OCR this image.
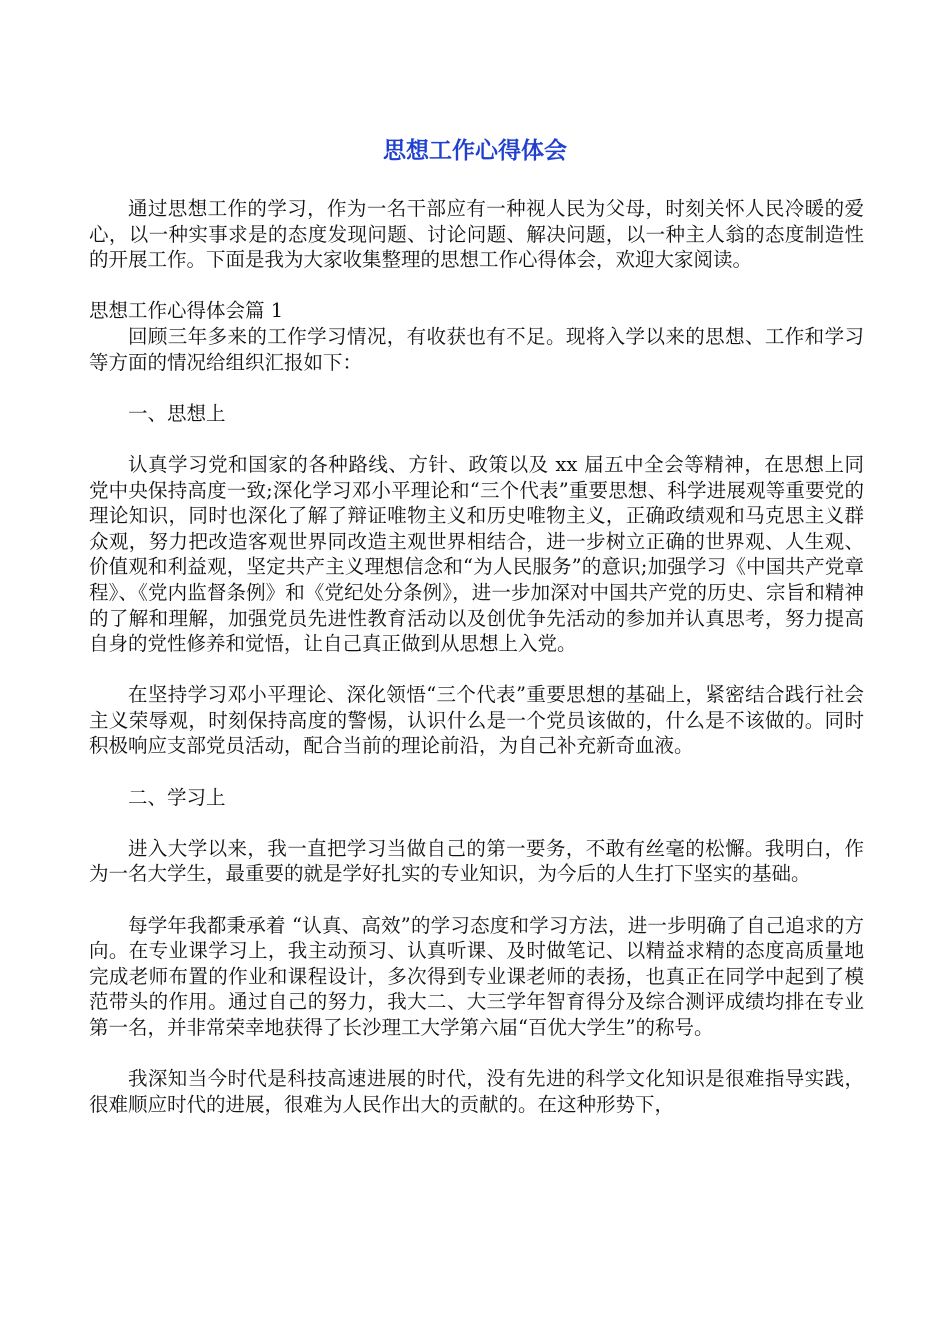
思想工作心得体会

通过思想工作的学习，作为一名干部应有一种视人民为父母，时刻关怀人民冷暖的爱心，以一种实事求是的态度发现问题、讨论问题、解决问题，以一种主人翁的态度制造性的开展工作。下面是我为大家收集整理的思想工作心得体会，欢迎大家阅读。

思想工作心得体会篇 1

回顾三年多来的工作学习情况，有收获也有不足。现将入学以来的思想、工作和学习等方面的情况给组织汇报如下：

一、思想上

认真学习党和国家的各种路线、方针、政策以及 xx 届五中全会等精神，在思想上同党中央保持高度一致;深化学习邓小平理论和“三个代表”重要思想、科学进展观等重要党的理论知识，同时也深化了解了辩证唯物主义和历史唯物主义，正确政绩观和马克思主义群众观，努力把改造客观世界同改造主观世界相结合，进一步树立正确的世界观、人生观、价值观和利益观，坚定共产主义理想信念和“为人民服务”的意识;加强学习《中国共产党章程》、《党内监督条例》和《党纪处分条例》，进一步加深对中国共产党的历史、宗旨和精神的了解和理解，加强党员先进性教育活动以及创优争先活动的参加并认真思考，努力提高自身的党性修养和觉悟，让自己真正做到从思想上入党。

在坚持学习邓小平理论、深化领悟“三个代表”重要思想的基础上，紧密结合践行社会主义荣辱观，时刻保持高度的警惕，认识什么是一个党员该做的，什么是不该做的。同时积极响应支部党员活动，配合当前的理论前沿，为自己补充新奇血液。

二、学习上

进入大学以来，我一直把学习当做自己的第一要务，不敢有丝毫的松懈。我明白，作为一名大学生，最重要的就是学好扎实的专业知识，为今后的人生打下坚实的基础。

每学年我都秉承着 “认真、高效”的学习态度和学习方法，进一步明确了自己追求的方向。在专业课学习上，我主动预习、认真听课、及时做笔记、以精益求精的态度高质量地完成老师布置的作业和课程设计，多次得到专业课老师的表扬，也真正在同学中起到了模范带头的作用。通过自己的努力，我大二、大三学年智育得分及综合测评成绩均排在专业第一名，并非常荣幸地获得了长沙理工大学第六届“百优大学生”的称号。

我深知当今时代是科技高速进展的时代，没有先进的科学文化知识是很难指导实践，很难顺应时代的进展，很难为人民作出大的贡献的。在这种形势下，
